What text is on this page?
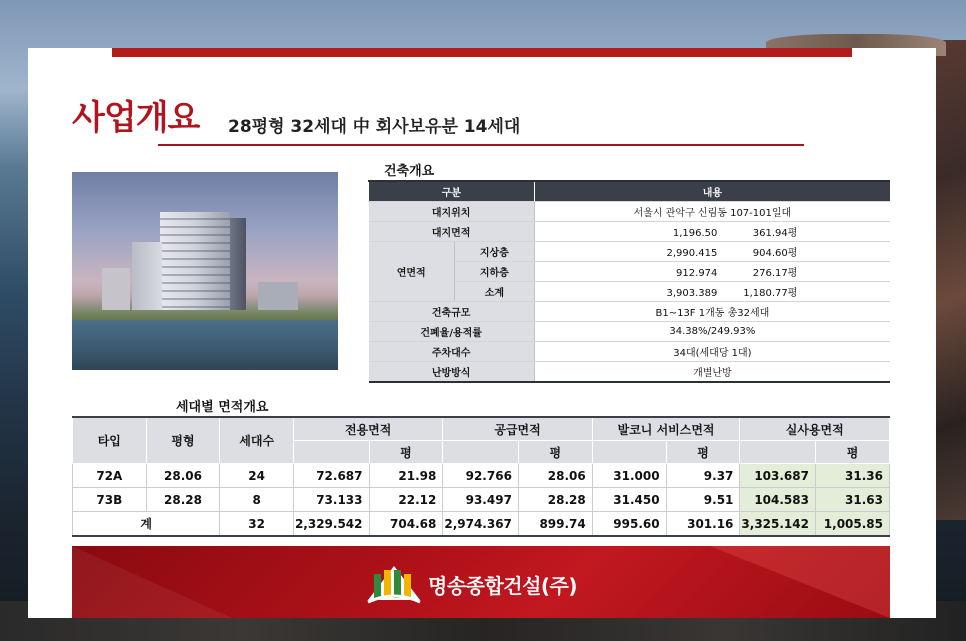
사업개요 28평형 32세대 中 회사보유분 14세대
건축개요
구분		내용
대지위치		서울시 관악구 신림동 107-101일대
대지면적		1,196.50 361.94평
연면적	지상층	2,990.415 904.60평
	지하층	912.974 276.17평
	소계	3,903.389 1,180.77평
건축규모		B1~13F 1개동 총32세대
건폐율/용적률		34.38%/249.93%
주차대수		34대(세대당 1대)
난방방식		개별난방
세대별 면적개요
타입	평형	세대수	전용면적		공급면적		발코니 서비스면적		실사용면적	
				평		평		평		평
72A	28.06	24	72.687	21.98	92.766	28.06	31.000	9.37	103.687	31.36
73B	28.28	8	73.133	22.12	93.497	28.28	31.450	9.51	104.583	31.63
계		32	2,329.542	704.68	2,974.367	899.74	995.60	301.16	3,325.142	1,005.85
명송종합건설(주)
